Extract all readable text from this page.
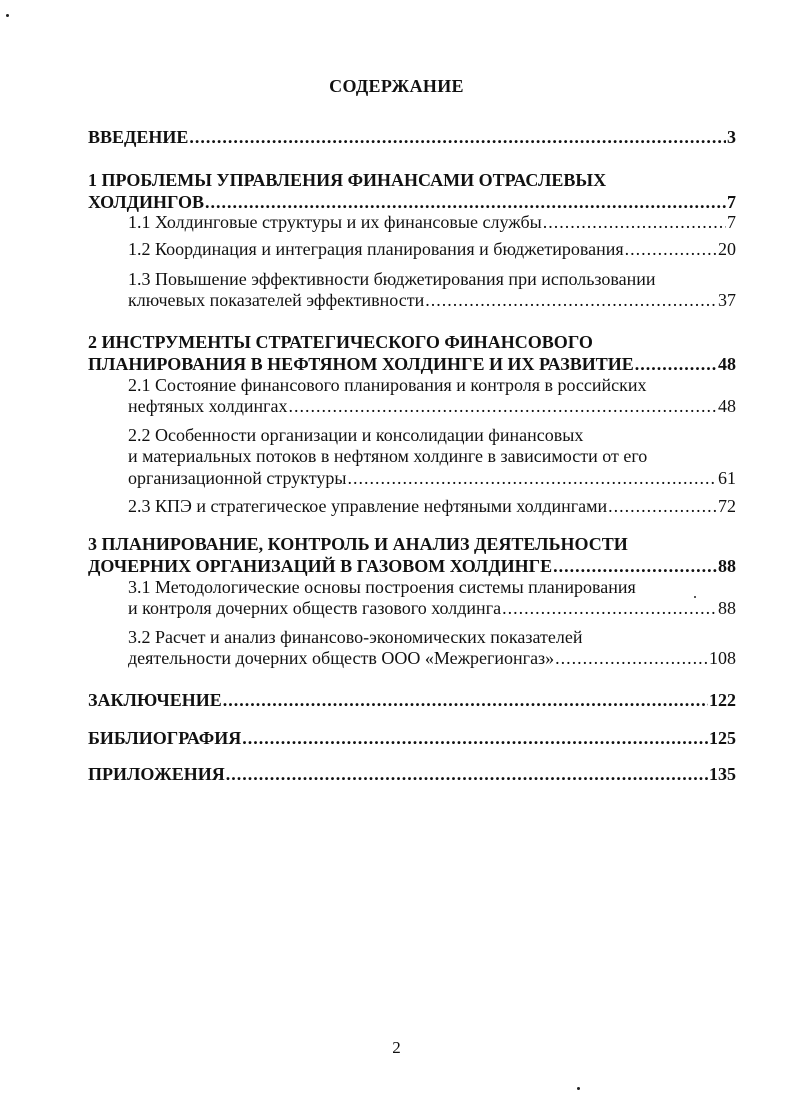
СОДЕРЖАНИЕ
ВВЕДЕНИЕ .....	3
1 ПРОБЛЕМЫ УПРАВЛЕНИЯ ФИНАНСАМИ ОТРАСЛЕВЫХ
ХОЛДИНГОВ .....	7
1.1 Холдинговые структуры и их финансовые службы .....	7
1.2 Координация и интеграция планирования и бюджетирования .....	20
1.3 Повышение эффективности бюджетирования при использовании
ключевых показателей эффективности .....	37
2 ИНСТРУМЕНТЫ СТРАТЕГИЧЕСКОГО ФИНАНСОВОГО
ПЛАНИРОВАНИЯ В НЕФТЯНОМ ХОЛДИНГЕ И ИХ РАЗВИТИЕ .....	48
2.1 Состояние финансового планирования и контроля в российских
нефтяных холдингах .....	48
2.2 Особенности организации и консолидации финансовых
и материальных потоков в нефтяном холдинге в зависимости от его
организационной структуры .....	61
2.3 КПЭ и стратегическое управление нефтяными холдингами .....	72
3 ПЛАНИРОВАНИЕ, КОНТРОЛЬ И АНАЛИЗ ДЕЯТЕЛЬНОСТИ
ДОЧЕРНИХ ОРГАНИЗАЦИЙ В ГАЗОВОМ ХОЛДИНГЕ .....	88
3.1 Методологические основы построения системы планирования
и контроля дочерних обществ газового холдинга .....	88
3.2 Расчет и анализ финансово-экономических показателей
деятельности дочерних обществ ООО «Межрегионгаз» .....	108
ЗАКЛЮЧЕНИЕ .....	122
БИБЛИОГРАФИЯ .....	125
ПРИЛОЖЕНИЯ .....	135
2
